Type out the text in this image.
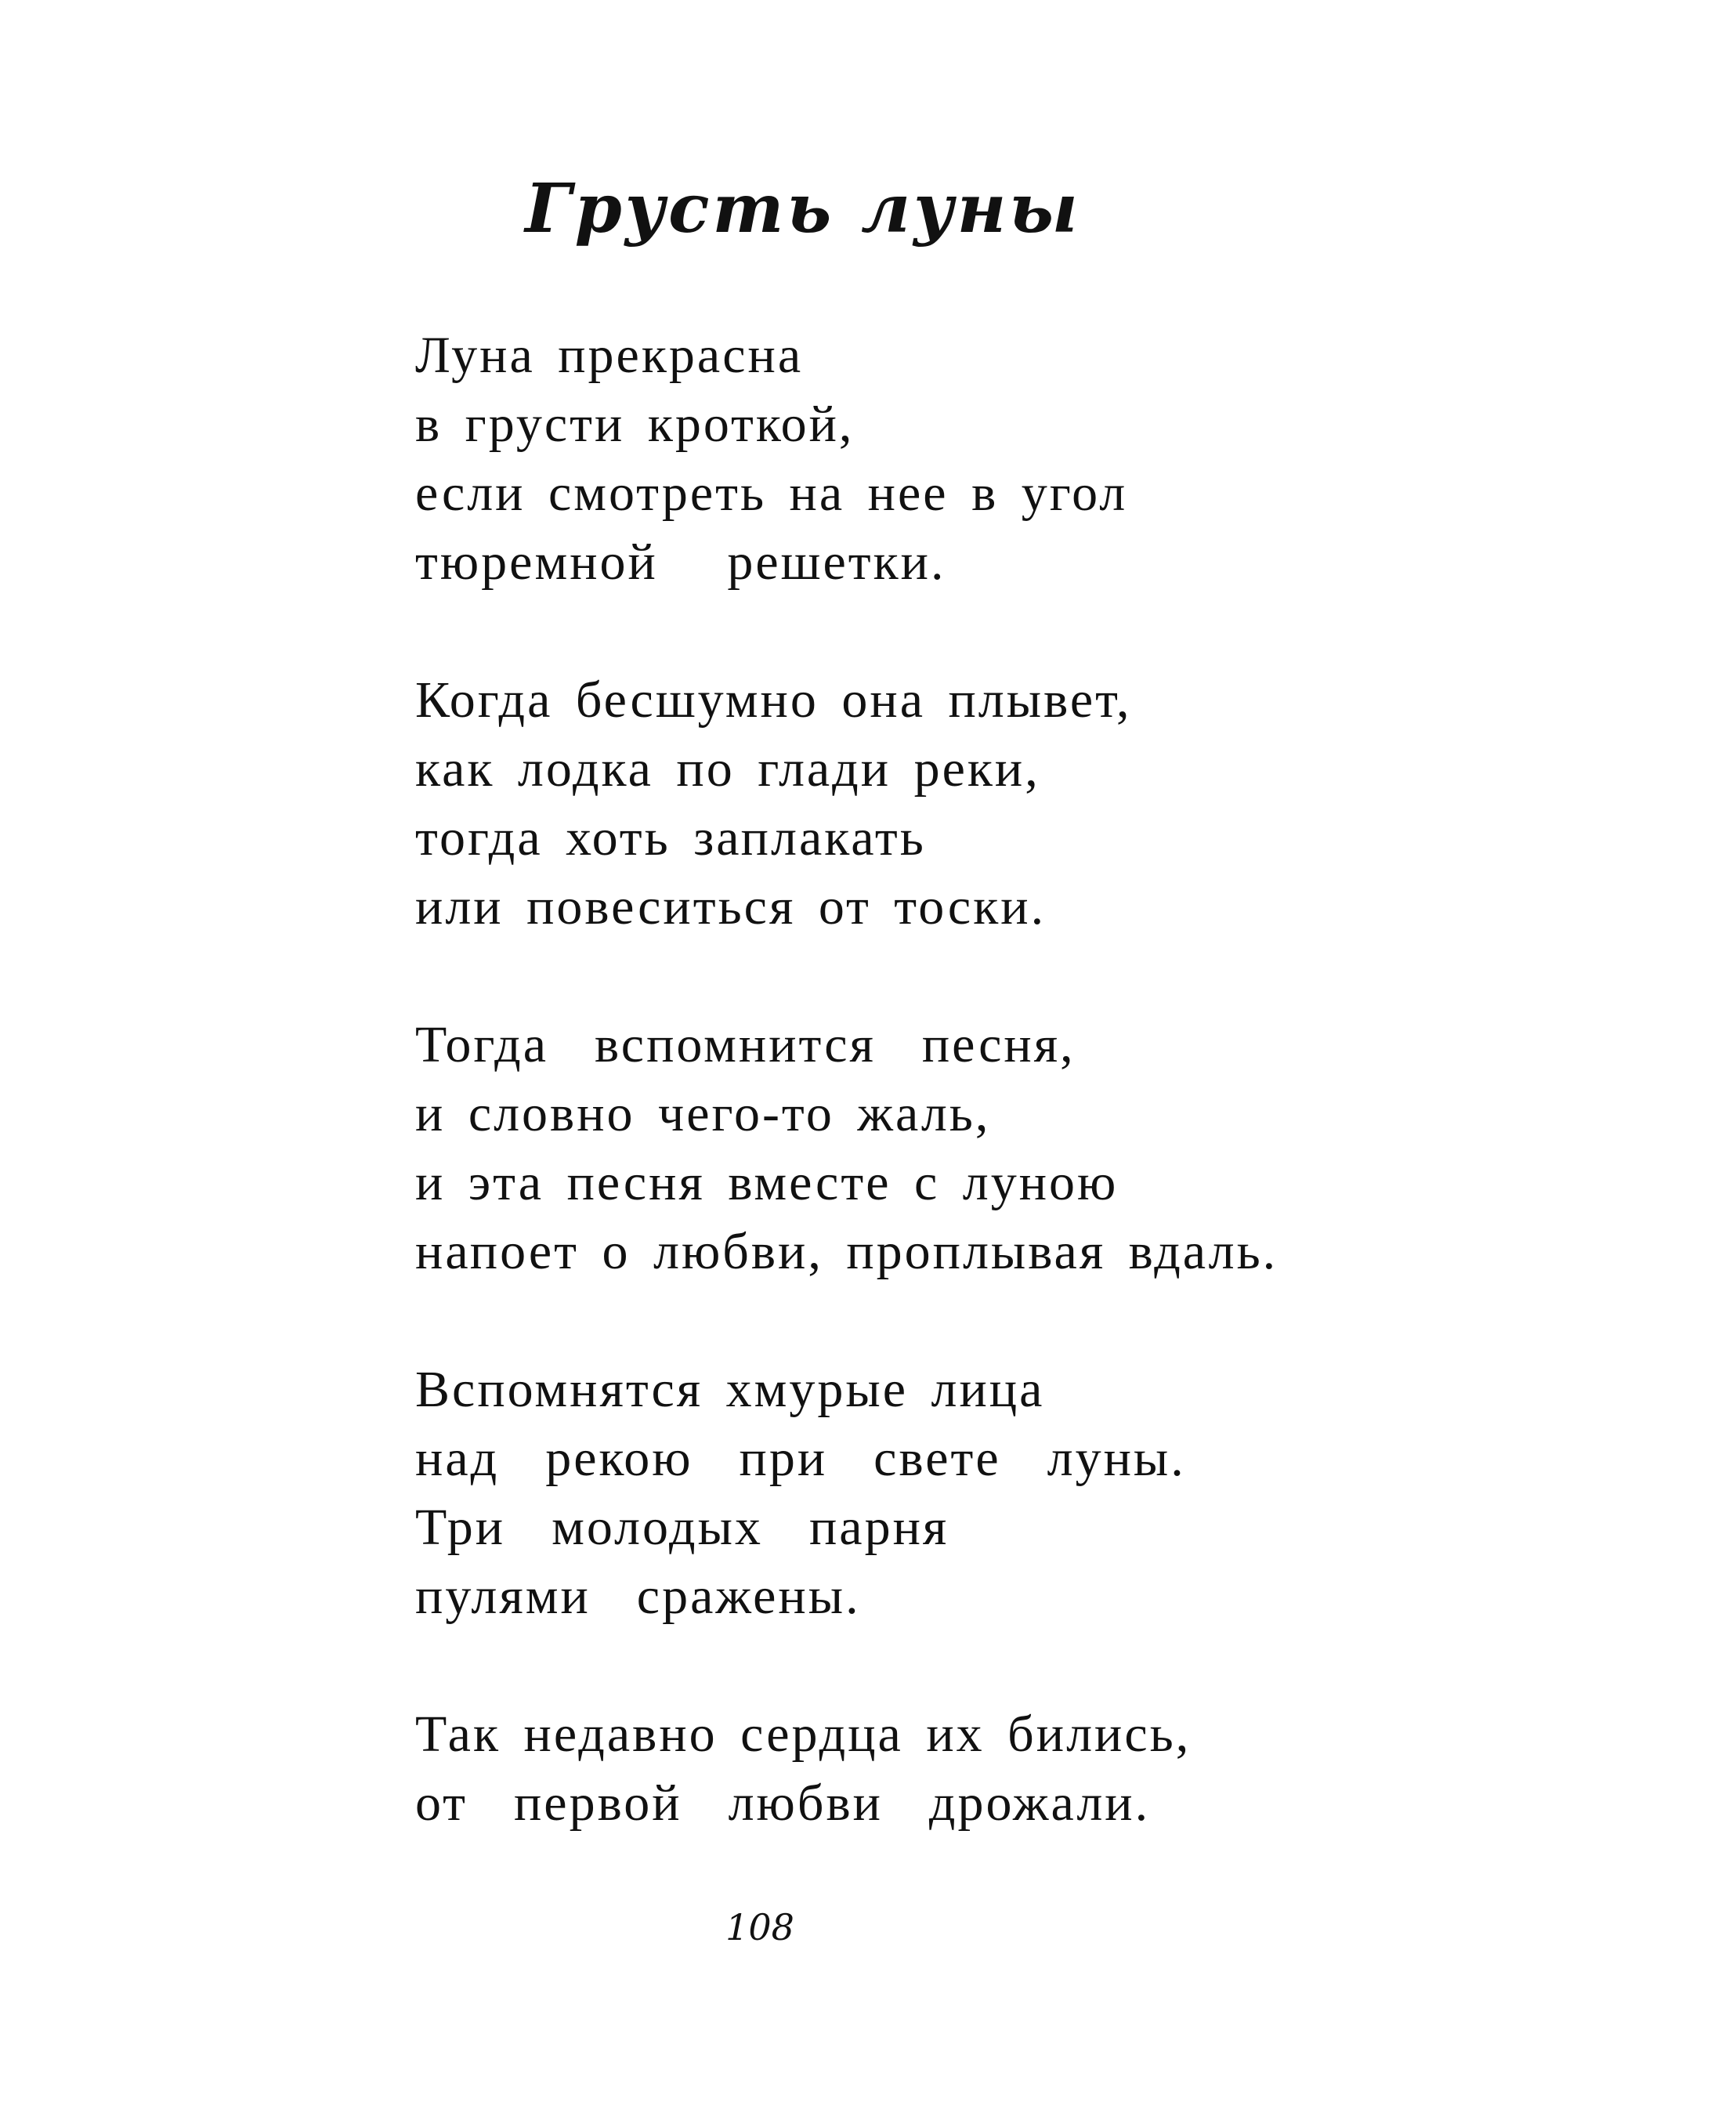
Грусть луны
Луна прекрасна
в грусти кроткой,
если смотреть на нее в угол
тюремной   решетки.
Когда бесшумно она плывет,
как лодка по глади реки,
тогда хоть заплакать
или повеситься от тоски.
Тогда  вспомнится  песня,
и словно чего-то жаль,
и эта песня вместе с луною
напоет о любви, проплывая вдаль.
Вспомнятся хмурые лица
над  рекою  при  свете  луны.
Три  молодых  парня
пулями  сражены.
Так недавно сердца их бились,
от  первой  любви  дрожали.
108
